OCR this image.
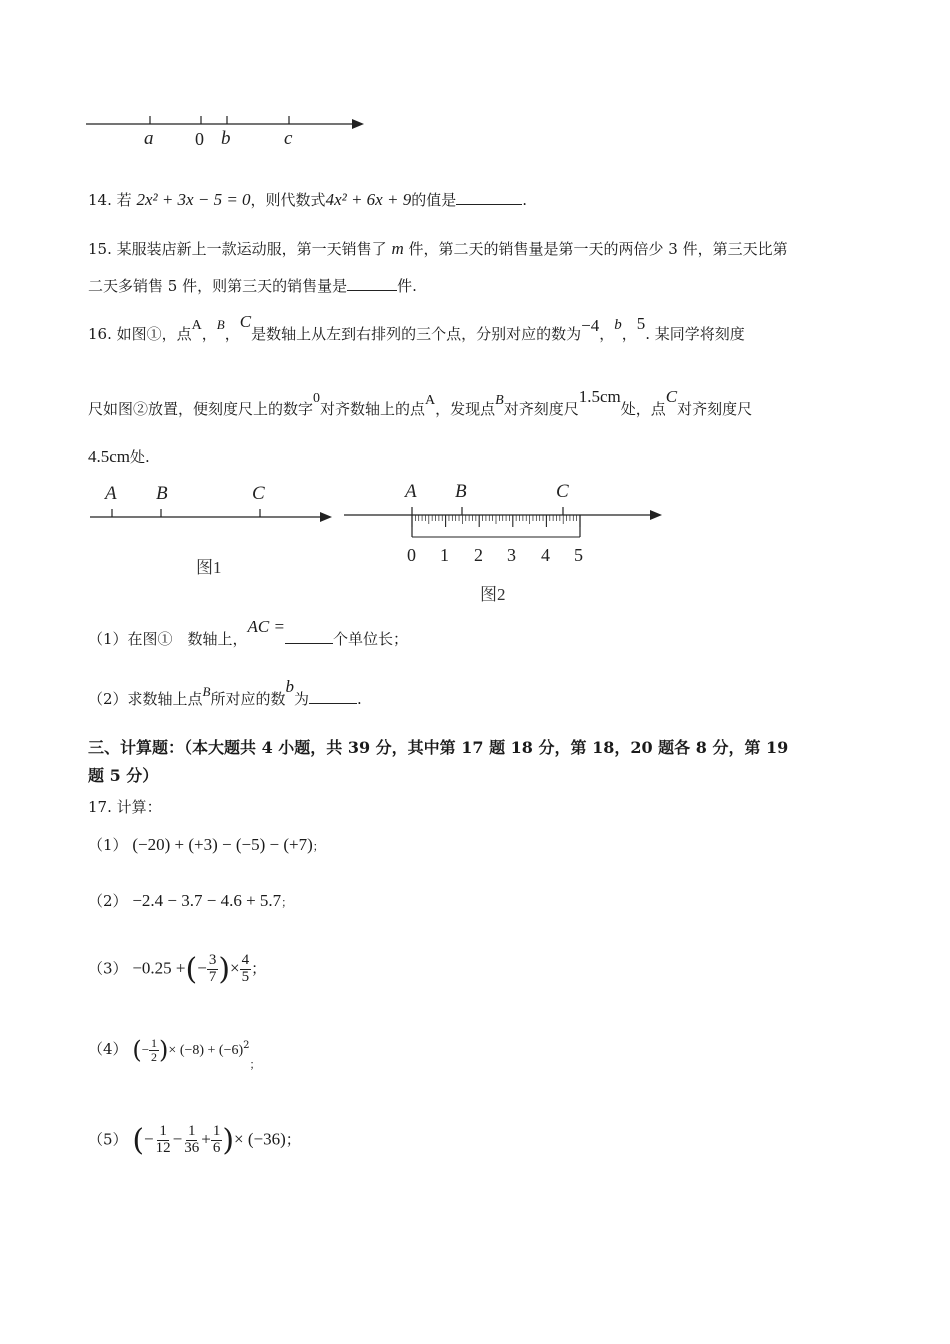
a 0 b	c
14. 若 2x² + 3x − 5 = 0，则代数式4x² + 6x + 9的值是	.
15. 某服装店新上一款运动服，第一天销售了 m 件，第二天的销售量是第一天的两倍少 3 件，第三天比第
二天多销售 5 件，则第三天的销售量是	件.
16. 如图①，点A，B，C是数轴上从左到右排列的三个点，分别对应的数为−4，b，5. 某同学将刻度
尺如图②放置，便刻度尺上的数字0对齐数轴上的点A，发现点B对齐刻度尺1.5cm处，点C对齐刻度尺
4.5cm处.
A B	C
图1
A B	C
0 1 2 3 4 5
图2
（1）在图①　数轴上，AC =个单位长；
（2）求数轴上点B所对应的数b为	.
三、计算题：（本大题共 4 小题，共 39 分，其中第 17 题 18 分，第 18，20 题各 8 分，第 19
题 5 分）
17. 计算：
（1） (−20) + (+3) − (−5) − (+7)；
（2） −2.4 − 3.7 − 4.6 + 5.7；
（3） −0.25 +(− $\frac{3}{7}$ )× $\frac{4}{5}$ ；
（4） (− $\frac{1}{2}$ )× $(-8) + (-6)^2_;$
（5） (− $\frac{1}{12} - \frac{1}{36} + \frac{1}{6}$ )× (−36)；
